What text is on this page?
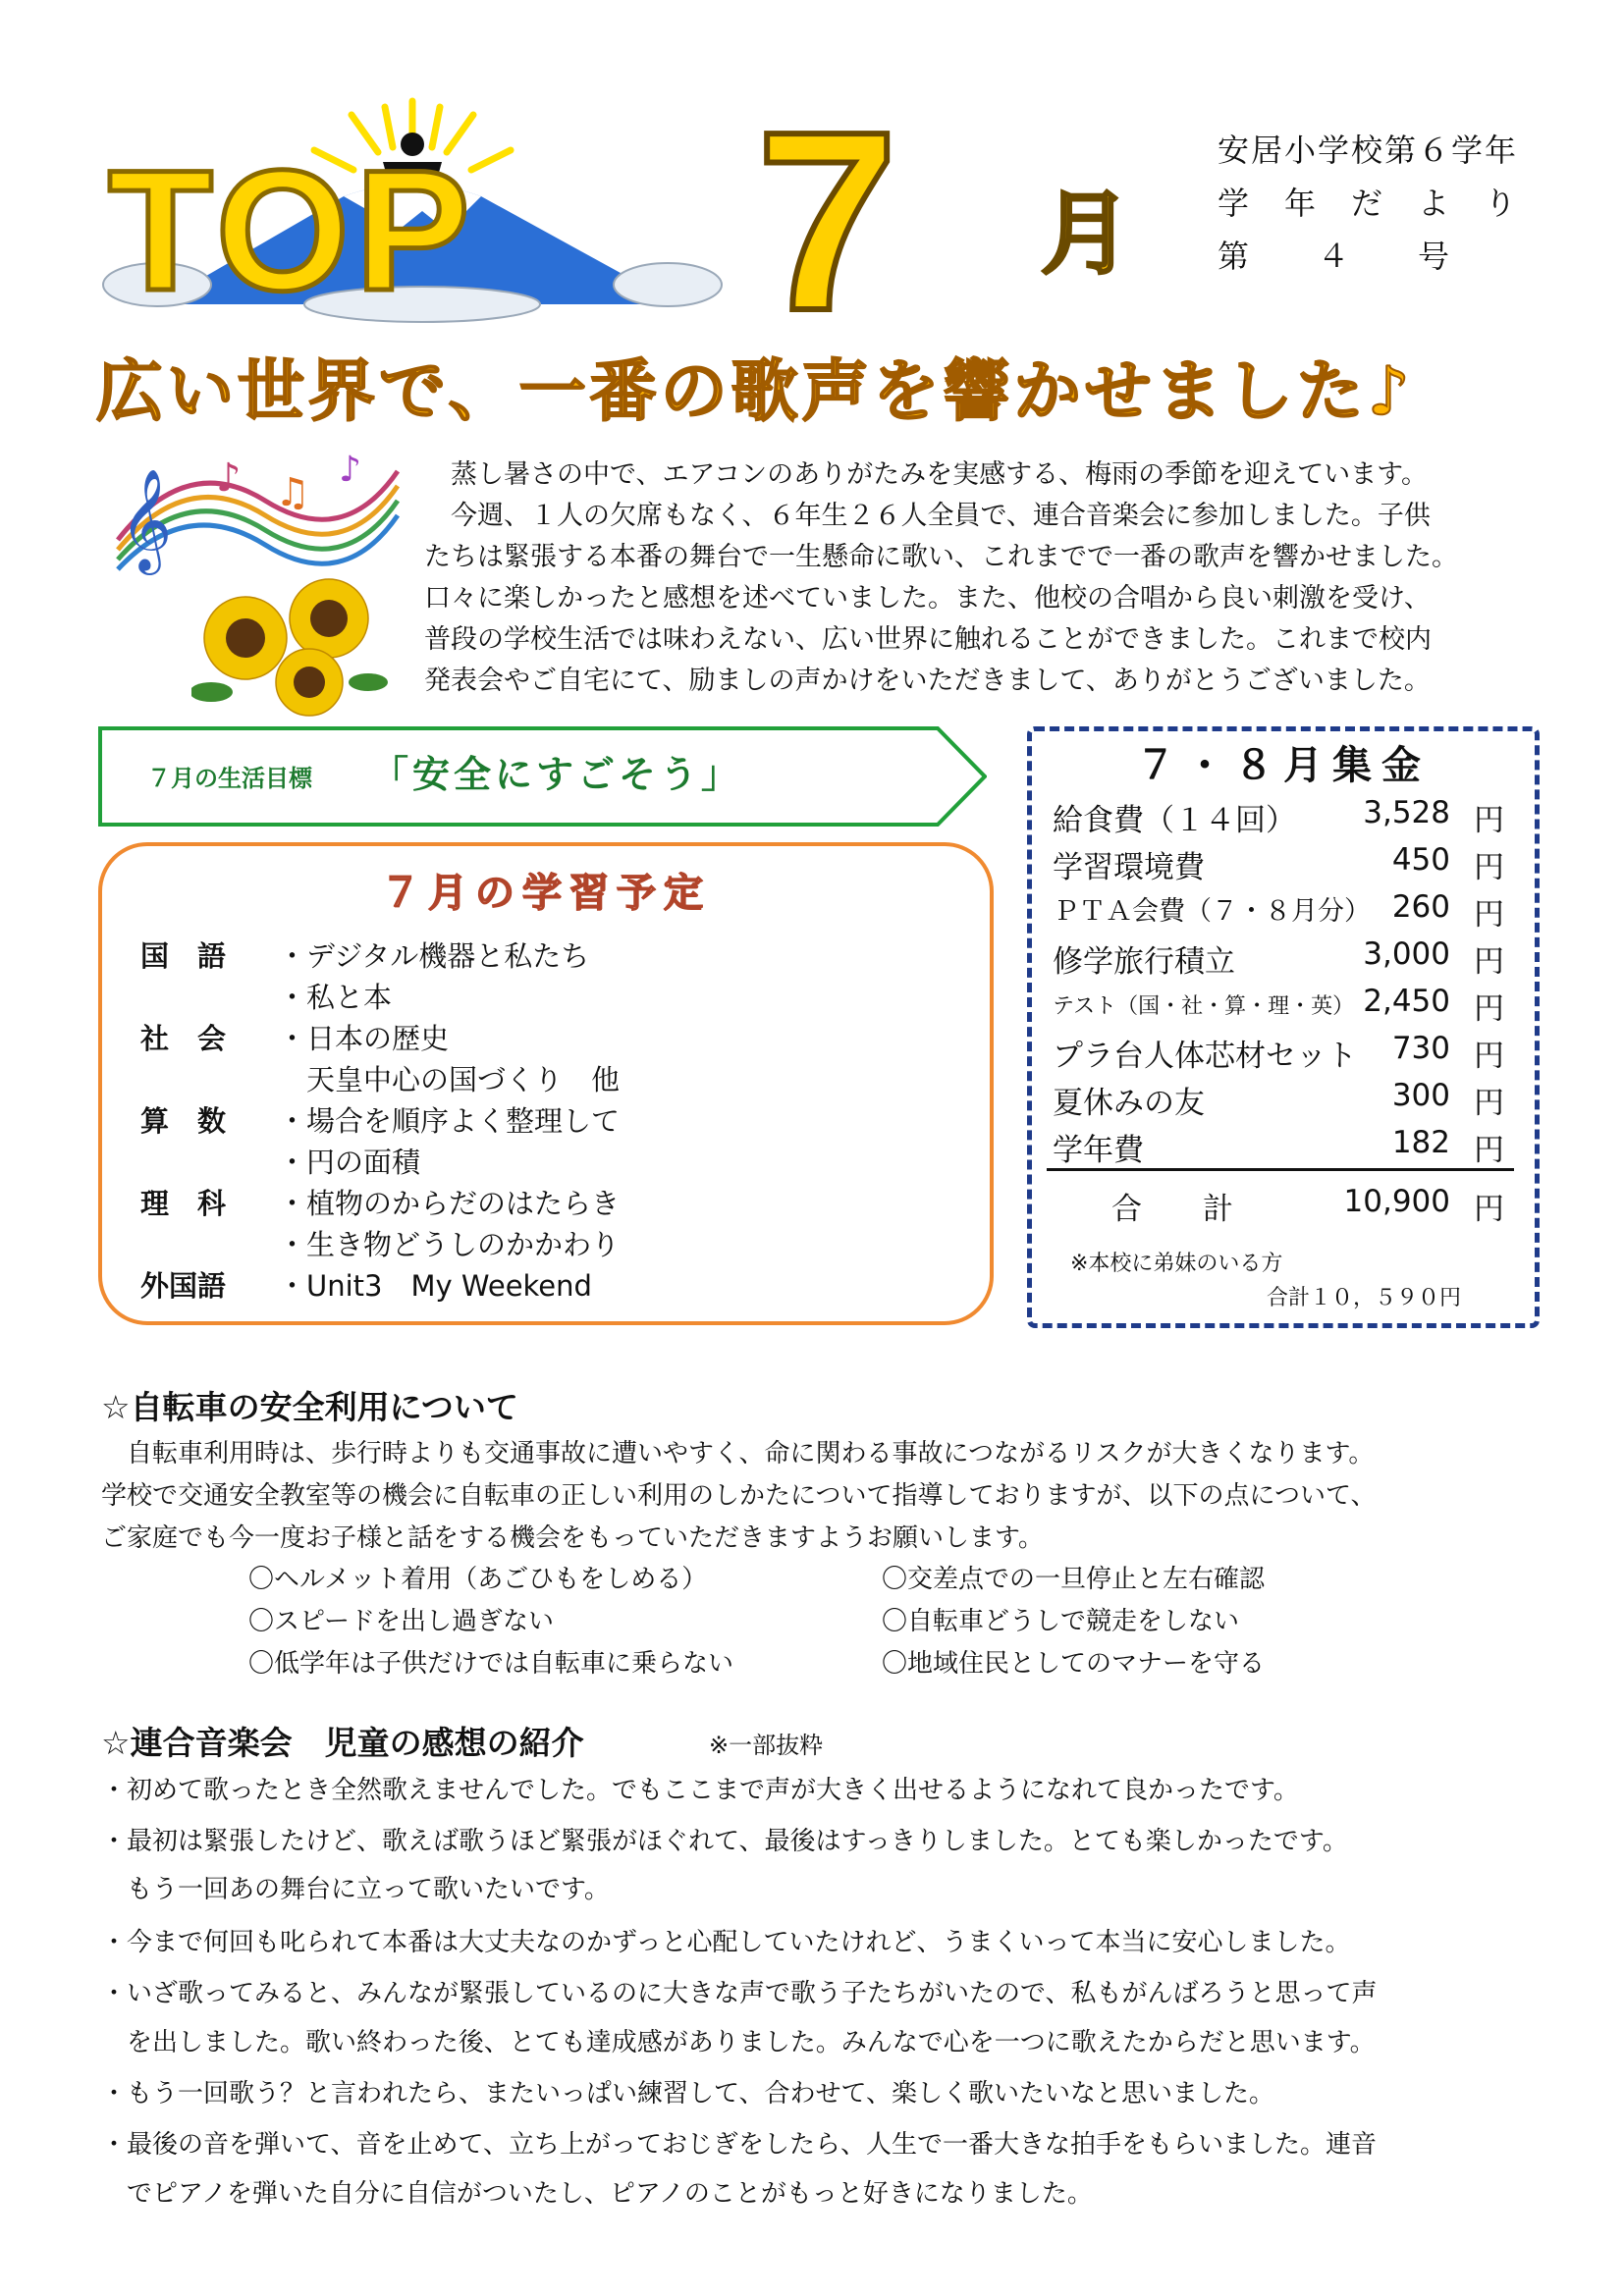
TOP 7 月
安居小学校第６学年
学　年　だ　よ　り
第　　４　　号
広い世界で、一番の歌声を響かせました♪
𝄞 ♪ ♫
♪ 　蒸し暑さの中で、エアコンのありがたみを実感する、梅雨の季節を迎えています。

　今週、１人の欠席もなく、６年生２６人全員で、連合音楽会に参加しました。子供

たちは緊張する本番の舞台で一生懸命に歌い、これまでで一番の歌声を響かせました。

口々に楽しかったと感想を述べていました。また、他校の合唱から良い刺激を受け、

普段の学校生活では味わえない、広い世界に触れることができました。これまで校内

発表会やご自宅にて、励ましの声かけをいただきまして、ありがとうございました。

７月の生活目標 「安全にすごそう」
７月の学習予定
国　語	・デジタル機器と私たち
・私と本
社　会	・日本の歴史
　天皇中心の国づくり　他
算　数	・場合を順序よく整理して
・円の面積
理　科	・植物のからだのはたらき
・生き物どうしのかかわり
外国語	・Unit3　My Weekend
７・８月集金
給食費（１４回） 3,528 円
学習環境費	450 円
ＰＴＡ会費（７・８月分） 260 円
修学旅行積立	3,000 円
テスト（国・社・算・理・英） 2,450 円
プラ台人体芯材セット 730 円
夏休みの友	300 円
学年費	182 円
合　　計	10,900 円
※本校に弟妹のいる方
合計１０，５９０円
☆自転車の安全利用について
　自転車利用時は、歩行時よりも交通事故に遭いやすく、命に関わる事故につながるリスクが大きくなります。
学校で交通安全教室等の機会に自転車の正しい利用のしかたについて指導しておりますが、以下の点について、
ご家庭でも今一度お子様と話をする機会をもっていただきますようお願いします。
〇ヘルメット着用（あごひもをしめる）
〇スピードを出し過ぎない
〇低学年は子供だけでは自転車に乗らない
〇交差点での一旦停止と左右確認
〇自転車どうしで競走をしない
〇地域住民としてのマナーを守る
☆連合音楽会　児童の感想の紹介	※一部抜粋
・初めて歌ったとき全然歌えませんでした。でもここまで声が大きく出せるようになれて良かったです。
・最初は緊張したけど、歌えば歌うほど緊張がほぐれて、最後はすっきりしました。とても楽しかったです。
　もう一回あの舞台に立って歌いたいです。
・今まで何回も叱られて本番は大丈夫なのかずっと心配していたけれど、うまくいって本当に安心しました。
・いざ歌ってみると、みんなが緊張しているのに大きな声で歌う子たちがいたので、私もがんばろうと思って声
　を出しました。歌い終わった後、とても達成感がありました。みんなで心を一つに歌えたからだと思います。
・もう一回歌う？と言われたら、またいっぱい練習して、合わせて、楽しく歌いたいなと思いました。
・最後の音を弾いて、音を止めて、立ち上がっておじぎをしたら、人生で一番大きな拍手をもらいました。連音
　でピアノを弾いた自分に自信がついたし、ピアノのことがもっと好きになりました。
